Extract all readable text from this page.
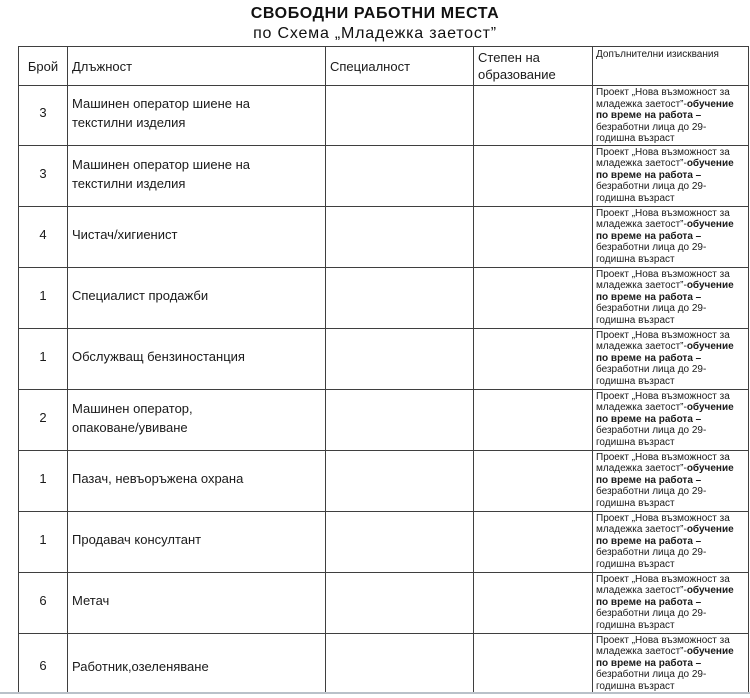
СВОБОДНИ РАБОТНИ МЕСТА
по Схема „Младежка заетост”
Брой	Длъжност	Специалност	Степен на образование	Допълнителни изисквания
3	Машинен оператор шиене на текстилни изделия			Проект „Нова възможност за младежка заетост”-обучение по време на работа – безработни лица до 29-годишна възраст

3	Машинен оператор шиене на текстилни изделия			Проект „Нова възможност за младежка заетост”-обучение по време на работа – безработни лица до 29-годишна възраст

4	Чистач/хигиенист			Проект „Нова възможност за младежка заетост”-обучение по време на работа – безработни лица до 29-годишна възраст

1	Специалист продажби			Проект „Нова възможност за младежка заетост”-обучение по време на работа – безработни лица до 29-годишна възраст

1	Обслужващ бензиностанция			Проект „Нова възможност за младежка заетост”-обучение по време на работа – безработни лица до 29-годишна възраст

2	Машинен оператор, опаковане/увиване			Проект „Нова възможност за младежка заетост”-обучение по време на работа – безработни лица до 29-годишна възраст

1	Пазач, невъоръжена охрана			Проект „Нова възможност за младежка заетост”-обучение по време на работа – безработни лица до 29-годишна възраст

1	Продавач консултант			Проект „Нова възможност за младежка заетост”-обучение по време на работа – безработни лица до 29-годишна възраст

6	Метач			Проект „Нова възможност за младежка заетост”-обучение по време на работа – безработни лица до 29-годишна възраст

6	Работник,озеленяване			Проект „Нова възможност за младежка заетост”-обучение по време на работа – безработни лица до 29-годишна възраст
